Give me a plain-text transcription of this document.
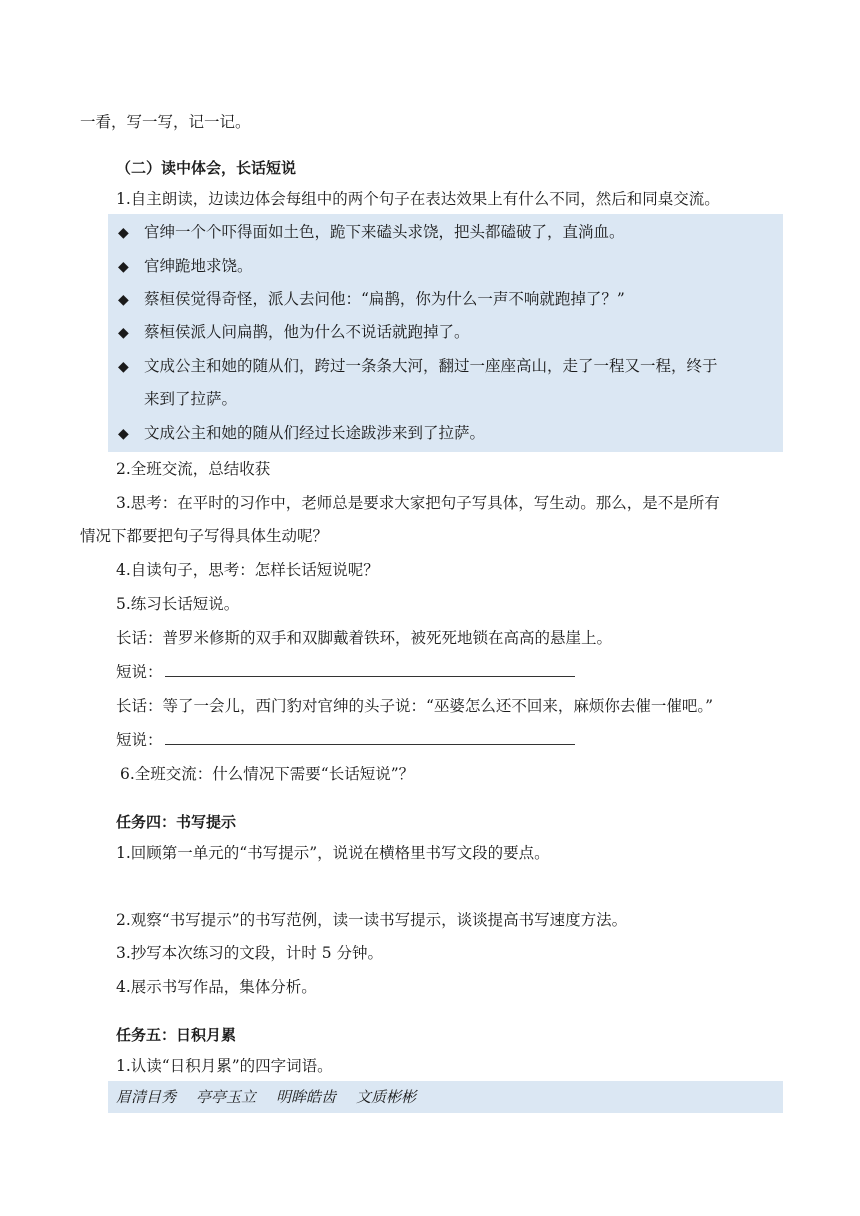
一看，写一写，记一记。
（二）读中体会，长话短说
1.自主朗读，边读边体会每组中的两个句子在表达效果上有什么不同，然后和同桌交流。
◆ 官绅一个个吓得面如土色，跪下来磕头求饶，把头都磕破了，直淌血。
◆ 官绅跪地求饶。
◆ 蔡桓侯觉得奇怪，派人去问他：“扁鹊，你为什么一声不响就跑掉了？”
◆ 蔡桓侯派人问扁鹊，他为什么不说话就跑掉了。
◆ 文成公主和她的随从们，跨过一条条大河，翻过一座座高山，走了一程又一程，终于
来到了拉萨。
◆ 文成公主和她的随从们经过长途跋涉来到了拉萨。
2.全班交流，总结收获
3.思考：在平时的习作中，老师总是要求大家把句子写具体，写生动。那么，是不是所有
情况下都要把句子写得具体生动呢？
4.自读句子，思考：怎样长话短说呢？
5.练习长话短说。
长话：普罗米修斯的双手和双脚戴着铁环，被死死地锁在高高的悬崖上。
短说：
长话：等了一会儿，西门豹对官绅的头子说：“巫婆怎么还不回来，麻烦你去催一催吧。”
短说：
6.全班交流：什么情况下需要“长话短说”？
任务四：书写提示
1.回顾第一单元的“书写提示”，说说在横格里书写文段的要点。
2.观察“书写提示”的书写范例，读一读书写提示，谈谈提高书写速度方法。
3.抄写本次练习的文段，计时 5 分钟。
4.展示书写作品，集体分析。
任务五：日积月累
1.认读“日积月累”的四字词语。
眉清目秀 亭亭玉立 明眸皓齿 文质彬彬
